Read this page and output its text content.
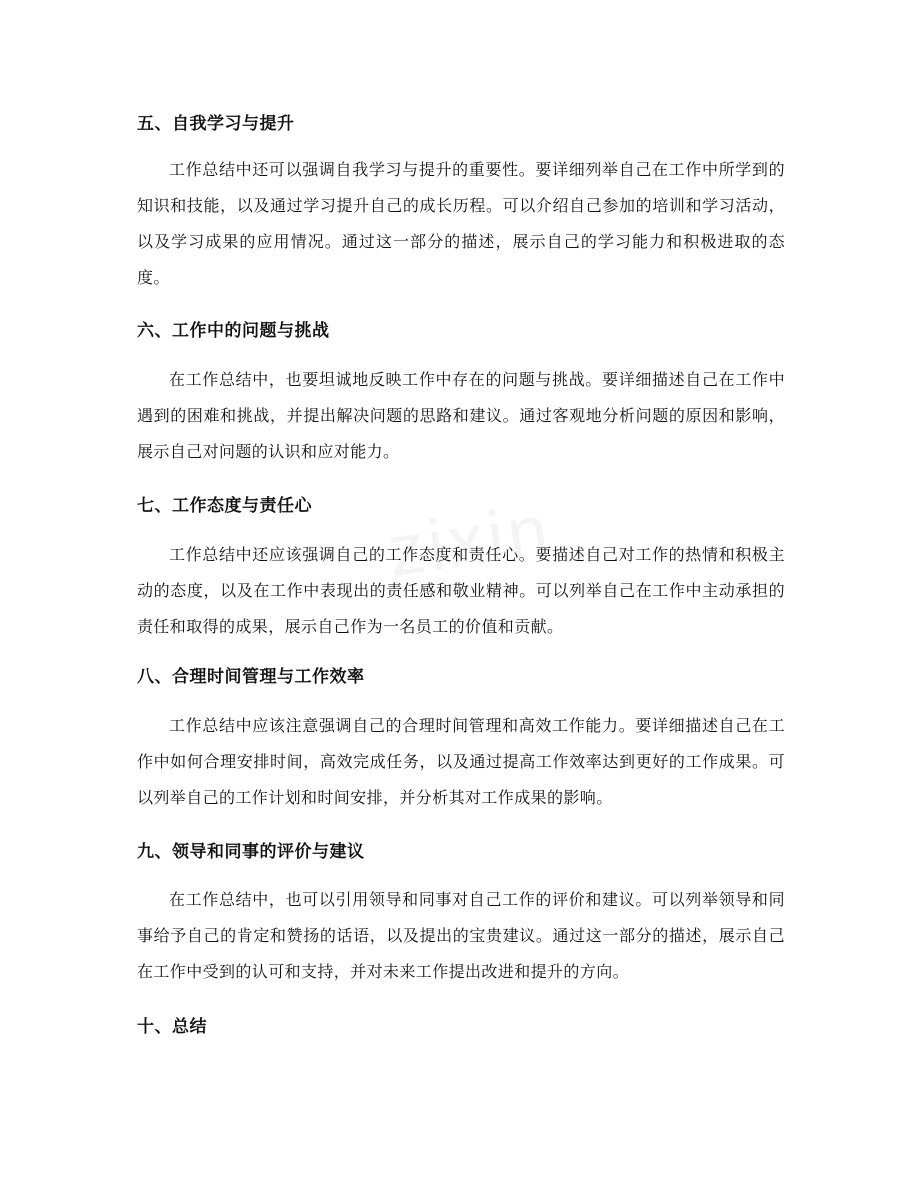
五、自我学习与提升

工作总结中还可以强调自我学习与提升的重要性。要详细列举自己在工作中所学到的知识和技能，以及通过学习提升自己的成长历程。可以介绍自己参加的培训和学习活动，以及学习成果的应用情况。通过这一部分的描述，展示自己的学习能力和积极进取的态度。

六、工作中的问题与挑战

在工作总结中，也要坦诚地反映工作中存在的问题与挑战。要详细描述自己在工作中遇到的困难和挑战，并提出解决问题的思路和建议。通过客观地分析问题的原因和影响，展示自己对问题的认识和应对能力。

七、工作态度与责任心

工作总结中还应该强调自己的工作态度和责任心。要描述自己对工作的热情和积极主动的态度，以及在工作中表现出的责任感和敬业精神。可以列举自己在工作中主动承担的责任和取得的成果，展示自己作为一名员工的价值和贡献。

八、合理时间管理与工作效率

工作总结中应该注意强调自己的合理时间管理和高效工作能力。要详细描述自己在工作中如何合理安排时间，高效完成任务，以及通过提高工作效率达到更好的工作成果。可以列举自己的工作计划和时间安排，并分析其对工作成果的影响。

九、领导和同事的评价与建议

在工作总结中，也可以引用领导和同事对自己工作的评价和建议。可以列举领导和同事给予自己的肯定和赞扬的话语，以及提出的宝贵建议。通过这一部分的描述，展示自己在工作中受到的认可和支持，并对未来工作提出改进和提升的方向。

十、总结
